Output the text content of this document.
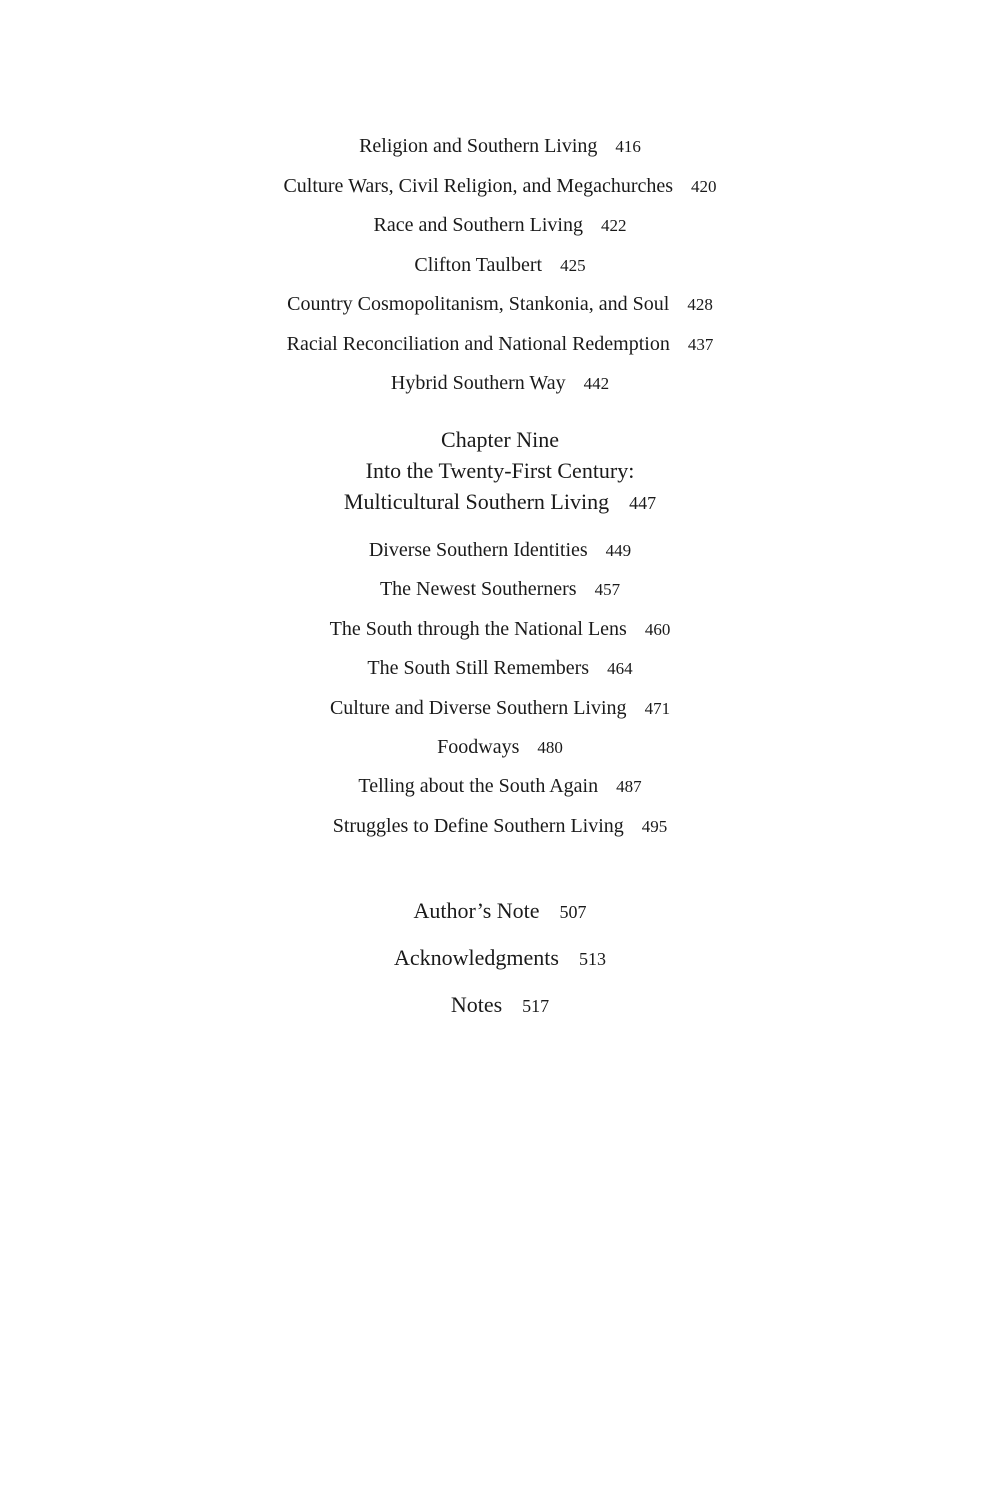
Religion and Southern Living 416

Culture Wars, Civil Religion, and Megachurches 420

Race and Southern Living 422

Clifton Taulbert 425

Country Cosmopolitanism, Stankonia, and Soul 428

Racial Reconciliation and National Redemption 437

Hybrid Southern Way 442

Chapter Nine
Into the Twenty-First Century:
Multicultural Southern Living 447

Diverse Southern Identities 449

The Newest Southerners 457

The South through the National Lens 460

The South Still Remembers 464

Culture and Diverse Southern Living 471

Foodways 480

Telling about the South Again 487

Struggles to Define Southern Living 495

Author’s Note 507

Acknowledgments 513

Notes 517
